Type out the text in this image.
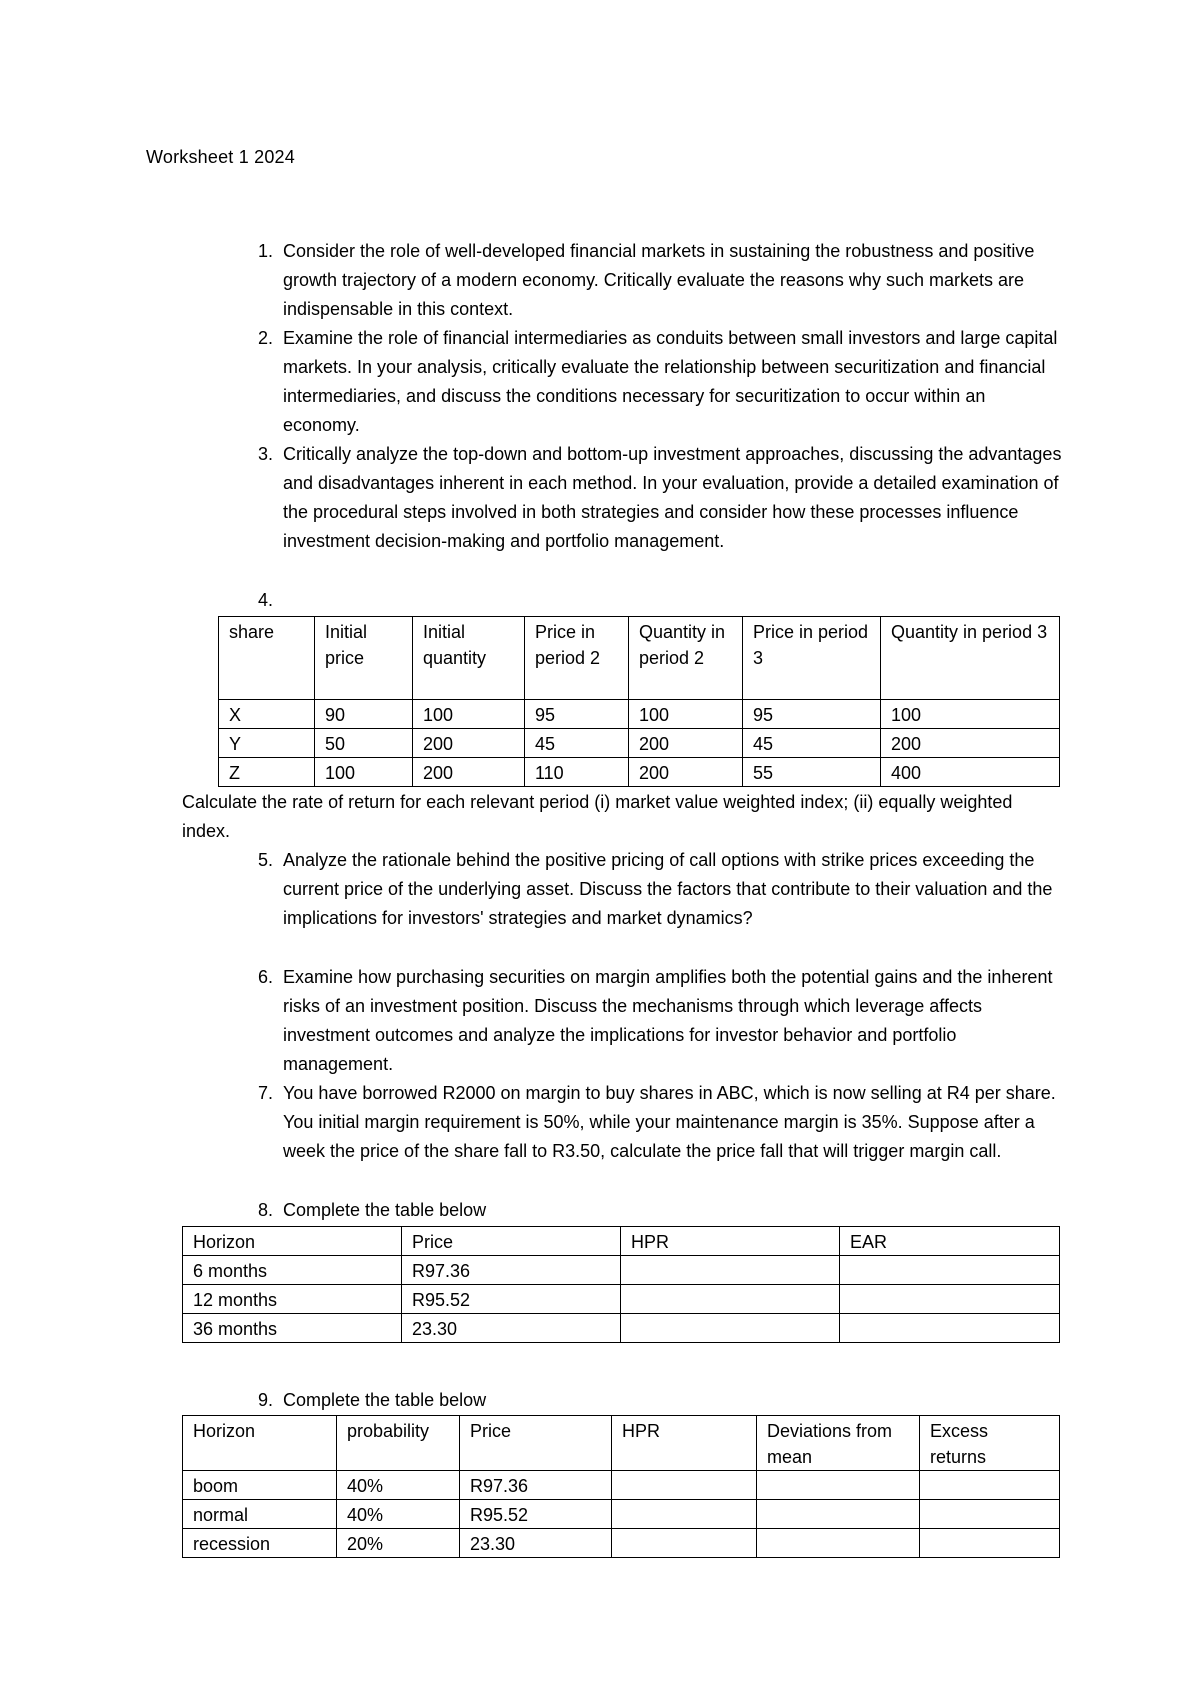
Worksheet 1 2024
1. Consider the role of well-developed financial markets in sustaining the robustness and positive growth trajectory of a modern economy. Critically evaluate the reasons why such markets are indispensable in this context.
2. Examine the role of financial intermediaries as conduits between small investors and large capital markets. In your analysis, critically evaluate the relationship between securitization and financial intermediaries, and discuss the conditions necessary for securitization to occur within an economy.
3. Critically analyze the top-down and bottom-up investment approaches, discussing the advantages and disadvantages inherent in each method. In your evaluation, provide a detailed examination of the procedural steps involved in both strategies and consider how these processes influence investment decision-making and portfolio management.
4.
share	Initial price	Initial quantity	Price in period 2	Quantity in period 2	Price in period 3	Quantity in period 3
X	90	100	95	100	95	100
Y	50	200	45	200	45	200
Z	100	200	110	200	55	400
Calculate the rate of return for each relevant period (i) market value weighted index; (ii) equally weighted index.
5. Analyze the rationale behind the positive pricing of call options with strike prices exceeding the current price of the underlying asset. Discuss the factors that contribute to their valuation and the implications for investors' strategies and market dynamics?
6. Examine how purchasing securities on margin amplifies both the potential gains and the inherent risks of an investment position. Discuss the mechanisms through which leverage affects investment outcomes and analyze the implications for investor behavior and portfolio management.
7. You have borrowed R2000 on margin to buy shares in ABC, which is now selling at R4 per share. You initial margin requirement is 50%, while your maintenance margin is 35%. Suppose after a week the price of the share fall to R3.50, calculate the price fall that will trigger margin call.
8. Complete the table below
Horizon	Price	HPR	EAR
6 months	R97.36		
12 months	R95.52		
36 months	23.30		
9. Complete the table below
Horizon	probability	Price	HPR	Deviations from mean	Excess returns
boom	40%	R97.36			
normal	40%	R95.52			
recession	20%	23.30			
